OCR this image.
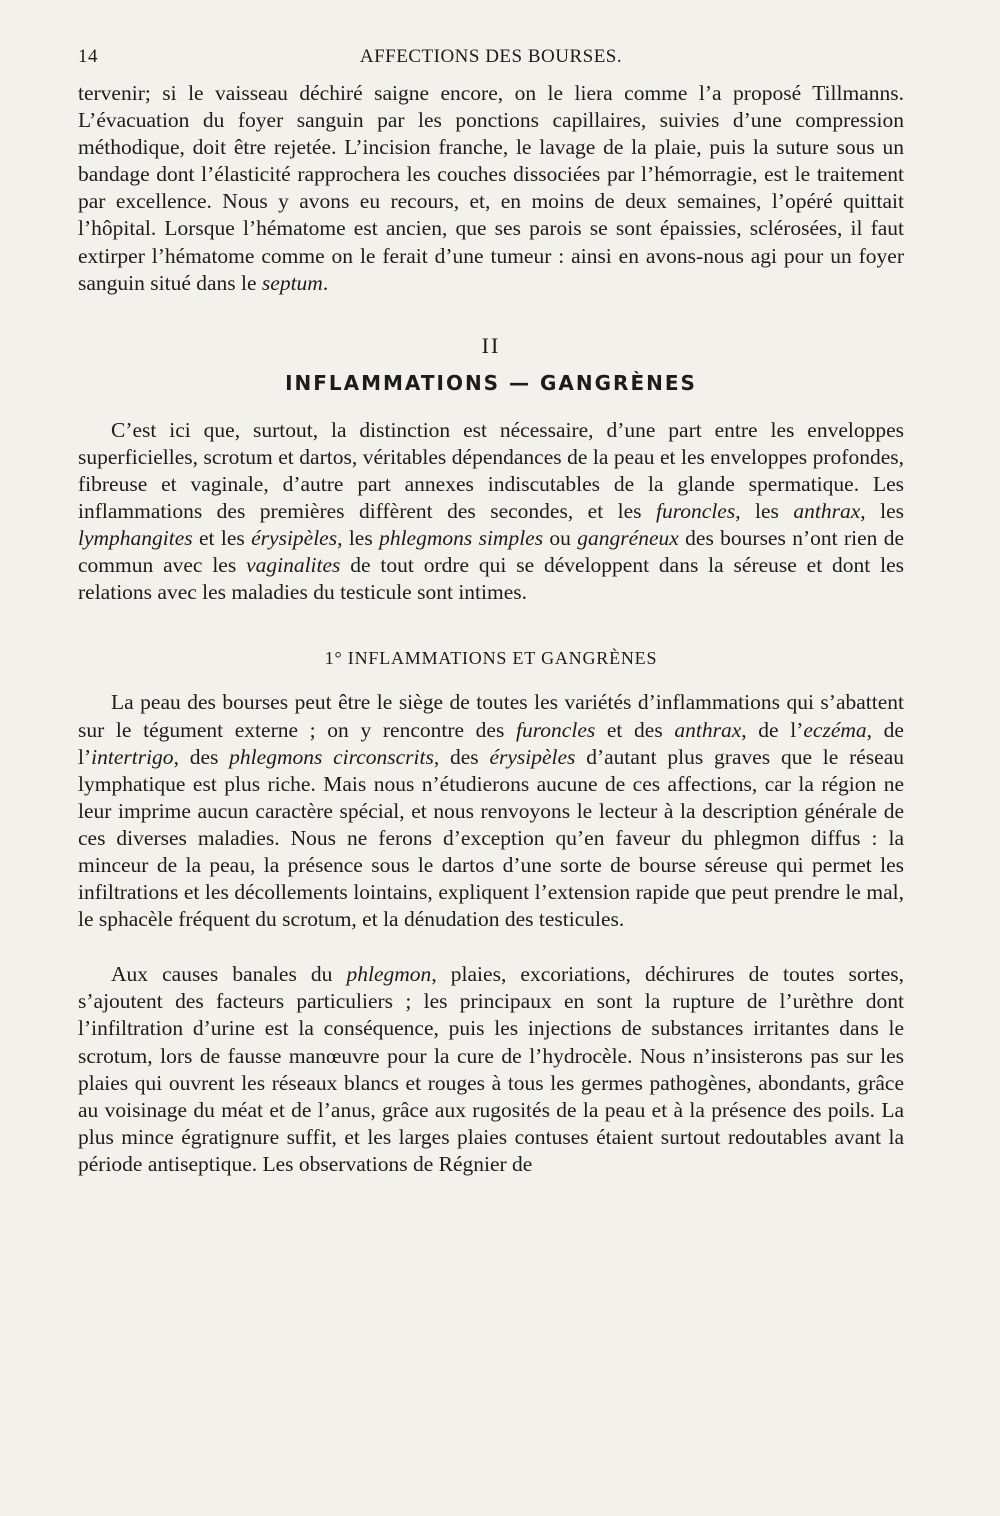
14	AFFECTIONS DES BOURSES.

tervenir; si le vaisseau déchiré saigne encore, on le liera comme l’a proposé Tillmanns. L’évacuation du foyer sanguin par les ponctions capillaires, suivies d’une compression méthodique, doit être rejetée. L’incision franche, le lavage de la plaie, puis la suture sous un bandage dont l’élasticité rapprochera les couches dissociées par l’hémorragie, est le traitement par excellence. Nous y avons eu recours, et, en moins de deux semaines, l’opéré quittait l’hôpital. Lorsque l’hématome est ancien, que ses parois se sont épaissies, sclérosées, il faut extirper l’hématome comme on le ferait d’une tumeur : ainsi en avons-nous agi pour un foyer sanguin situé dans le septum.

II
INFLAMMATIONS — GANGRÈNES

C’est ici que, surtout, la distinction est nécessaire, d’une part entre les enveloppes superficielles, scrotum et dartos, véritables dépendances de la peau et les enveloppes profondes, fibreuse et vaginale, d’autre part annexes indiscutables de la glande spermatique. Les inflammations des premières diffèrent des secondes, et les furoncles, les anthrax, les lymphangites et les érysipèles, les phlegmons simples ou gangréneux des bourses n’ont rien de commun avec les vaginalites de tout ordre qui se développent dans la séreuse et dont les relations avec les maladies du testicule sont intimes.

1° INFLAMMATIONS ET GANGRÈNES

La peau des bourses peut être le siège de toutes les variétés d’inflammations qui s’abattent sur le tégument externe ; on y rencontre des furoncles et des anthrax, de l’eczéma, de l’intertrigo, des phlegmons circonscrits, des érysipèles d’autant plus graves que le réseau lymphatique est plus riche. Mais nous n’étudierons aucune de ces affections, car la région ne leur imprime aucun caractère spécial, et nous renvoyons le lecteur à la description générale de ces diverses maladies. Nous ne ferons d’exception qu’en faveur du phlegmon diffus : la minceur de la peau, la présence sous le dartos d’une sorte de bourse séreuse qui permet les infiltrations et les décollements lointains, expliquent l’extension rapide que peut prendre le mal, le sphacèle fréquent du scrotum, et la dénudation des testicules.

Aux causes banales du phlegmon, plaies, excoriations, déchirures de toutes sortes, s’ajoutent des facteurs particuliers ; les principaux en sont la rupture de l’urèthre dont l’infiltration d’urine est la conséquence, puis les injections de substances irritantes dans le scrotum, lors de fausse manœuvre pour la cure de l’hydrocèle. Nous n’insisterons pas sur les plaies qui ouvrent les réseaux blancs et rouges à tous les germes pathogènes, abondants, grâce au voisinage du méat et de l’anus, grâce aux rugosités de la peau et à la présence des poils. La plus mince égratignure suffit, et les larges plaies contuses étaient surtout redoutables avant la période antiseptique. Les observations de Régnier de
